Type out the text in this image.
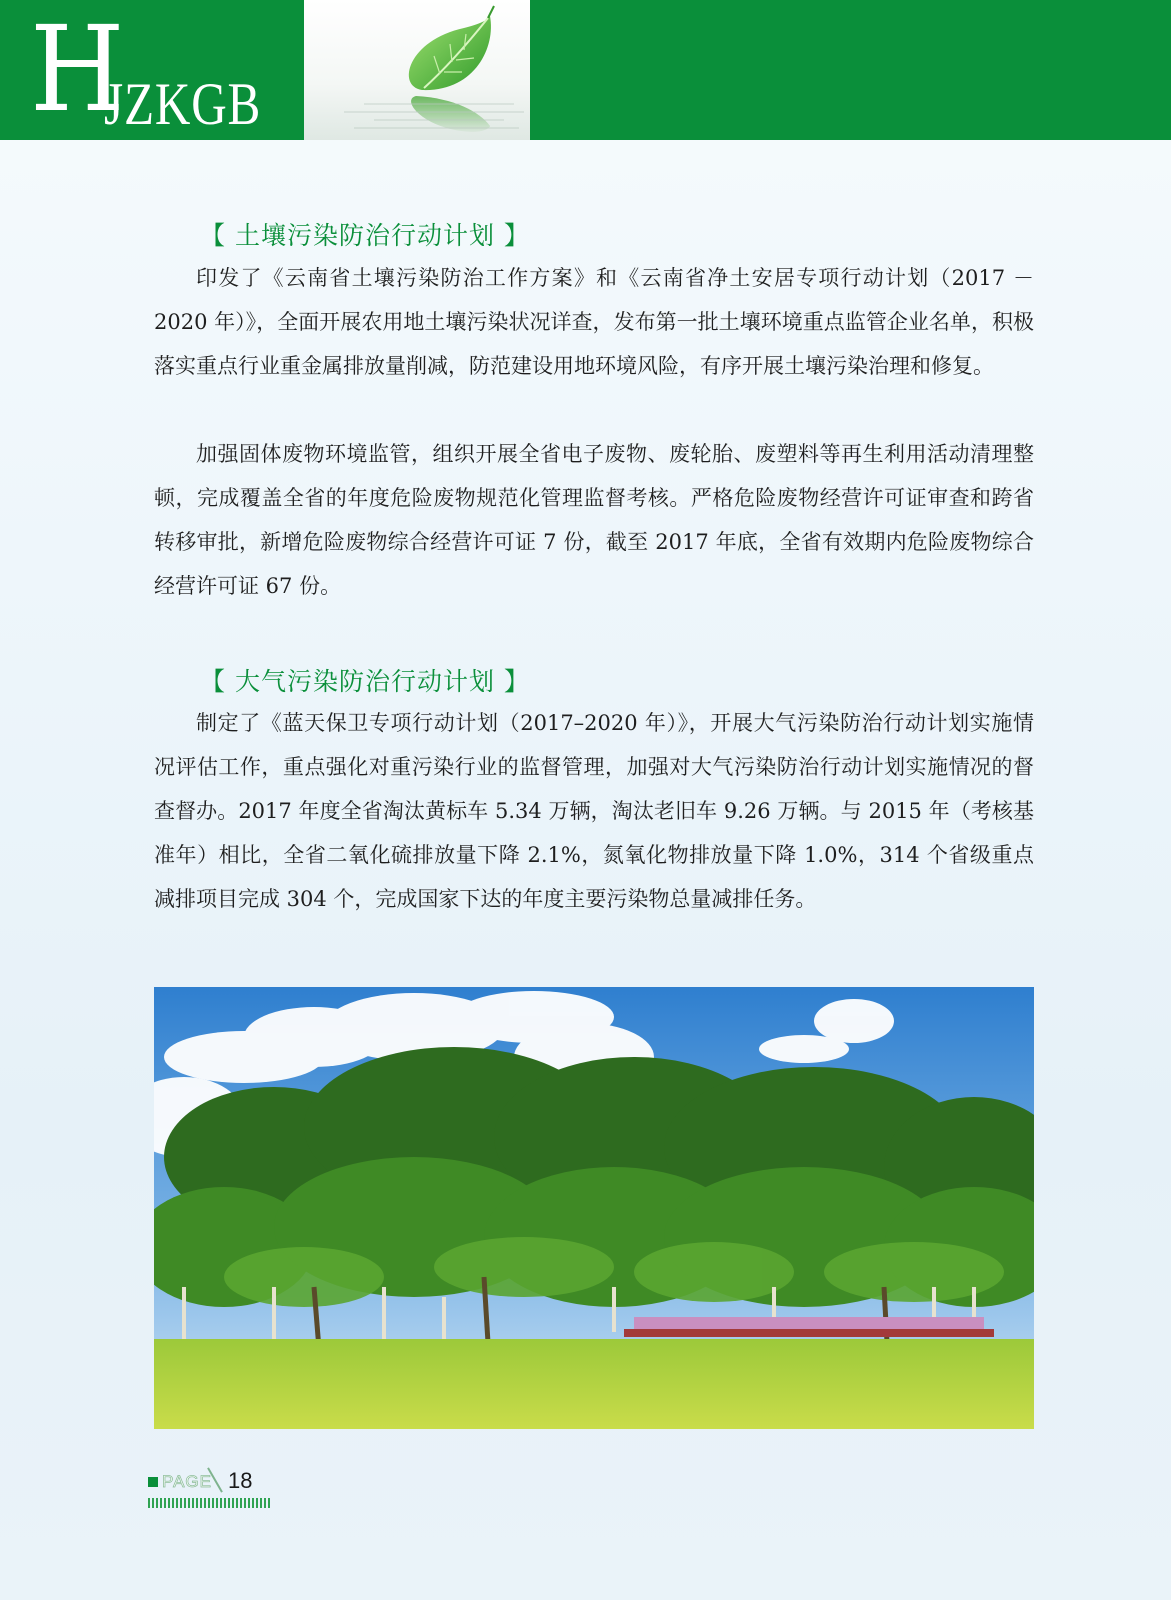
H
JZKGB
【 土壤污染防治行动计划 】

印发了《云南省土壤污染防治工作方案》和《云南省净土安居专项行动计划（2017 － 2020 年）》，全面开展农用地土壤污染状况详查，发布第一批土壤环境重点监管企业名单，积极落实重点行业重金属排放量削减，防范建设用地环境风险，有序开展土壤污染治理和修复。

加强固体废物环境监管，组织开展全省电子废物、废轮胎、废塑料等再生利用活动清理整顿，完成覆盖全省的年度危险废物规范化管理监督考核。严格危险废物经营许可证审查和跨省转移审批，新增危险废物综合经营许可证 7 份，截至 2017 年底，全省有效期内危险废物综合经营许可证 67 份。

【 大气污染防治行动计划 】

制定了《蓝天保卫专项行动计划（2017–2020 年）》，开展大气污染防治行动计划实施情况评估工作，重点强化对重污染行业的监督管理，加强对大气污染防治行动计划实施情况的督查督办。2017 年度全省淘汰黄标车 5.34 万辆，淘汰老旧车 9.26 万辆。与 2015 年（考核基准年）相比，全省二氧化硫排放量下降 2.1%，氮氧化物排放量下降 1.0%，314 个省级重点减排项目完成 304 个，完成国家下达的年度主要污染物总量减排任务。

PAGE 18
